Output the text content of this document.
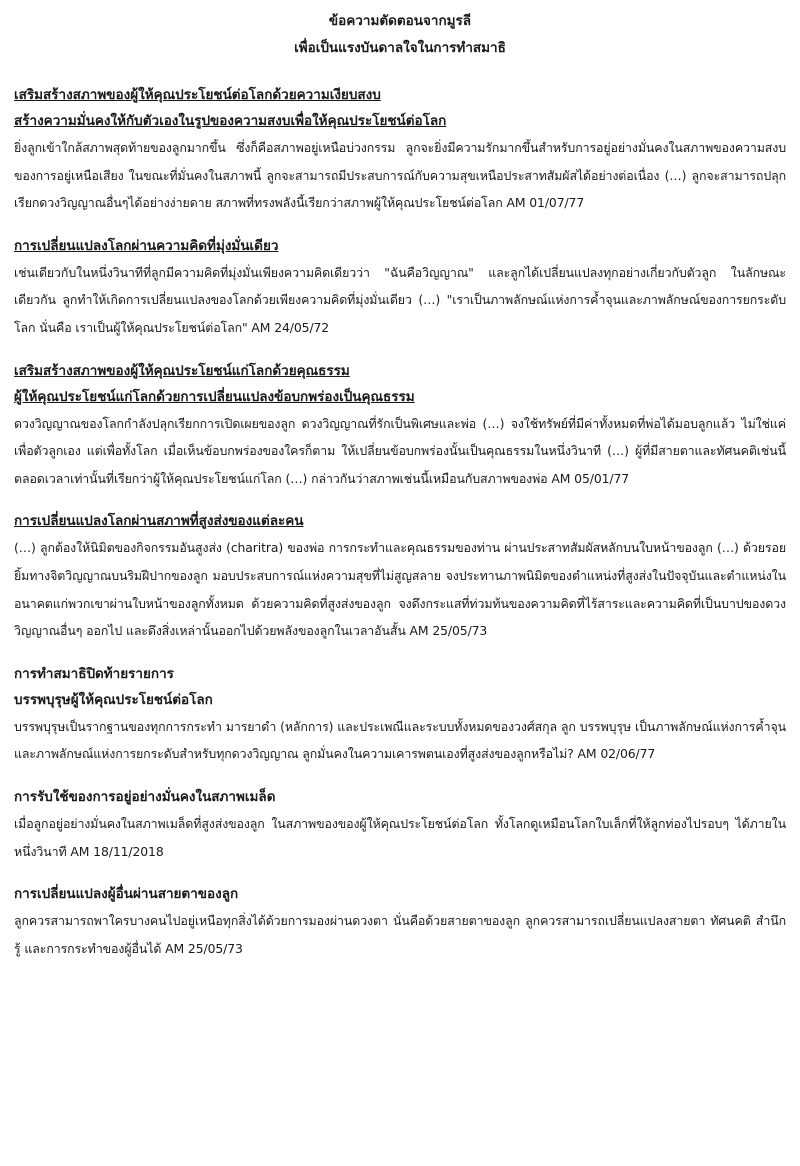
ข้อความตัดตอนจากมูรลี
เพื่อเป็นแรงบันดาลใจในการทำสมาธิ
เสริมสร้างสภาพของผู้ให้คุณประโยชน์ต่อโลกด้วยความเงียบสงบ
สร้างความมั่นคงให้กับตัวเองในรูปของความสงบเพื่อให้คุณประโยชน์ต่อโลก
ยิ่งลูกเข้าใกล้สภาพสุดท้ายของลูกมากขึ้น ซึ่งก็คือสภาพอยู่เหนือบ่วงกรรม ลูกจะยิ่งมีความรักมากขึ้นสำหรับการอยู่อย่างมั่นคงในสภาพของความสงบ ของการอยู่เหนือเสียง ในขณะที่มั่นคงในสภาพนี้ ลูกจะสามารถมีประสบการณ์กับความสุขเหนือประสาทสัมผัสได้อย่างต่อเนื่อง (…) ลูกจะสามารถปลุกเรียกดวงวิญญาณอื่นๆได้อย่างง่ายดาย สภาพที่ทรงพลังนี้เรียกว่าสภาพผู้ให้คุณประโยชน์ต่อโลก AM 01/07/77
การเปลี่ยนแปลงโลกผ่านความคิดที่มุ่งมั่นเดียว
เช่นเดียวกับในหนึ่งวินาทีที่ลูกมีความคิดที่มุ่งมั่นเพียงความคิดเดียวว่า "ฉันคือวิญญาณ" และลูกได้เปลี่ยนแปลงทุกอย่างเกี่ยวกับตัวลูก ในลักษณะเดียวกัน ลูกทำให้เกิดการเปลี่ยนแปลงของโลกด้วยเพียงความคิดที่มุ่งมั่นเดียว (…) "เราเป็นภาพลักษณ์แห่งการค้ำจุนและภาพลักษณ์ของการยกระดับโลก นั่นคือ เราเป็นผู้ให้คุณประโยชน์ต่อโลก" AM 24/05/72
เสริมสร้างสภาพของผู้ให้คุณประโยชน์แก่โลกด้วยคุณธรรม
ผู้ให้คุณประโยชน์แก่โลกด้วยการเปลี่ยนแปลงข้อบกพร่องเป็นคุณธรรม
ดวงวิญญาณของโลกกำลังปลุกเรียกการเปิดเผยของลูก ดวงวิญญาณที่รักเป็นพิเศษและพ่อ (…) จงใช้ทรัพย์ที่มีค่าทั้งหมดที่พ่อได้มอบลูกแล้ว ไม่ใช่แค่เพื่อตัวลูกเอง แต่เพื่อทั้งโลก เมื่อเห็นข้อบกพร่องของใครก็ตาม ให้เปลี่ยนข้อบกพร่องนั้นเป็นคุณธรรมในหนึ่งวินาที (…) ผู้ที่มีสายตาและทัศนคติเช่นนี้ตลอดเวลาเท่านั้นที่เรียกว่าผู้ให้คุณประโยชน์แก่โลก (…) กล่าวกันว่าสภาพเช่นนี้เหมือนกับสภาพของพ่อ AM 05/01/77
การเปลี่ยนแปลงโลกผ่านสภาพที่สูงส่งของแต่ละคน
(…) ลูกต้องให้นิมิตของกิจกรรมอันสูงส่ง (charitra) ของพ่อ การกระทำและคุณธรรมของท่าน ผ่านประสาทสัมผัสหลักบนใบหน้าของลูก (…) ด้วยรอยยิ้มทางจิตวิญญาณบนริมฝีปากของลูก มอบประสบการณ์แห่งความสุขที่ไม่สูญสลาย จงประทานภาพนิมิตของตำแหน่งที่สูงส่งในปัจจุบันและตำแหน่งในอนาคตแก่พวกเขาผ่านใบหน้าของลูกทั้งหมด ด้วยความคิดที่สูงส่งของลูก จงดึงกระแสที่ท่วมท้นของความคิดที่ไร้สาระและความคิดที่เป็นบาปของดวงวิญญาณอื่นๆ ออกไป และดึงสิ่งเหล่านั้นออกไปด้วยพลังของลูกในเวลาอันสั้น AM 25/05/73
การทำสมาธิปิดท้ายรายการ
บรรพบุรุษผู้ให้คุณประโยชน์ต่อโลก
บรรพบุรุษเป็นรากฐานของทุกการกระทำ มารยาดำ (หลักการ) และประเพณีและระบบทั้งหมดของวงศ์สกุล ลูก บรรพบุรุษ เป็นภาพลักษณ์แห่งการค้ำจุนและภาพลักษณ์แห่งการยกระดับสำหรับทุกดวงวิญญาณ ลูกมั่นคงในความเคารพตนเองที่สูงส่งของลูกหรือไม่? AM 02/06/77
การรับใช้ของการอยู่อย่างมั่นคงในสภาพเมล็ด
เมื่อลูกอยู่อย่างมั่นคงในสภาพเมล็ดที่สูงส่งของลูก ในสภาพของของผู้ให้คุณประโยชน์ต่อโลก ทั้งโลกดูเหมือนโลกใบเล็กที่ให้ลูกท่องไปรอบๆ ได้ภายในหนึ่งวินาที AM 18/11/2018
การเปลี่ยนแปลงผู้อื่นผ่านสายตาของลูก
ลูกควรสามารถพาใครบางคนไปอยู่เหนือทุกสิ่งได้ด้วยการมองผ่านดวงตา นั่นคือด้วยสายตาของลูก ลูกควรสามารถเปลี่ยนแปลงสายตา ทัศนคติ สำนึกรู้ และการกระทำของผู้อื่นได้ AM 25/05/73
